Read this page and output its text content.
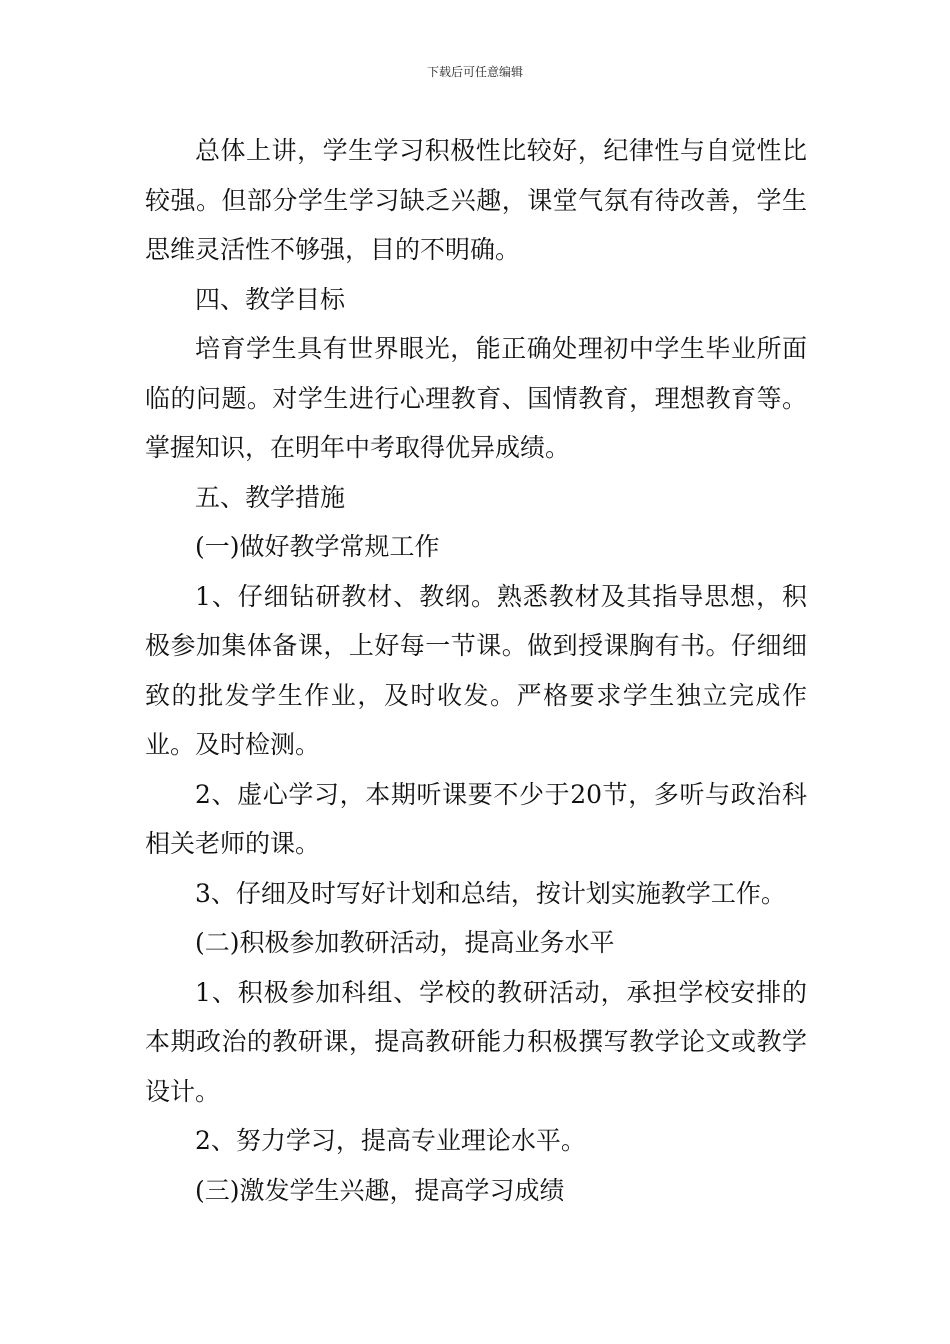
下载后可任意编辑

总体上讲，学生学习积极性比较好，纪律性与自觉性比较强。但部分学生学习缺乏兴趣，课堂气氛有待改善，学生思维灵活性不够强，目的不明确。

四、教学目标

培育学生具有世界眼光，能正确处理初中学生毕业所面临的问题。对学生进行心理教育、国情教育，理想教育等。掌握知识，在明年中考取得优异成绩。

五、教学措施

(一)做好教学常规工作

1、仔细钻研教材、教纲。熟悉教材及其指导思想，积极参加集体备课，上好每一节课。做到授课胸有书。仔细细致的批发学生作业，及时收发。严格要求学生独立完成作业。及时检测。

2、虚心学习，本期听课要不少于20节，多听与政治科相关老师的课。

3、仔细及时写好计划和总结，按计划实施教学工作。

(二)积极参加教研活动，提高业务水平

1、积极参加科组、学校的教研活动，承担学校安排的本期政治的教研课，提高教研能力积极撰写教学论文或教学设计。

2、努力学习，提高专业理论水平。

(三)激发学生兴趣，提高学习成绩
